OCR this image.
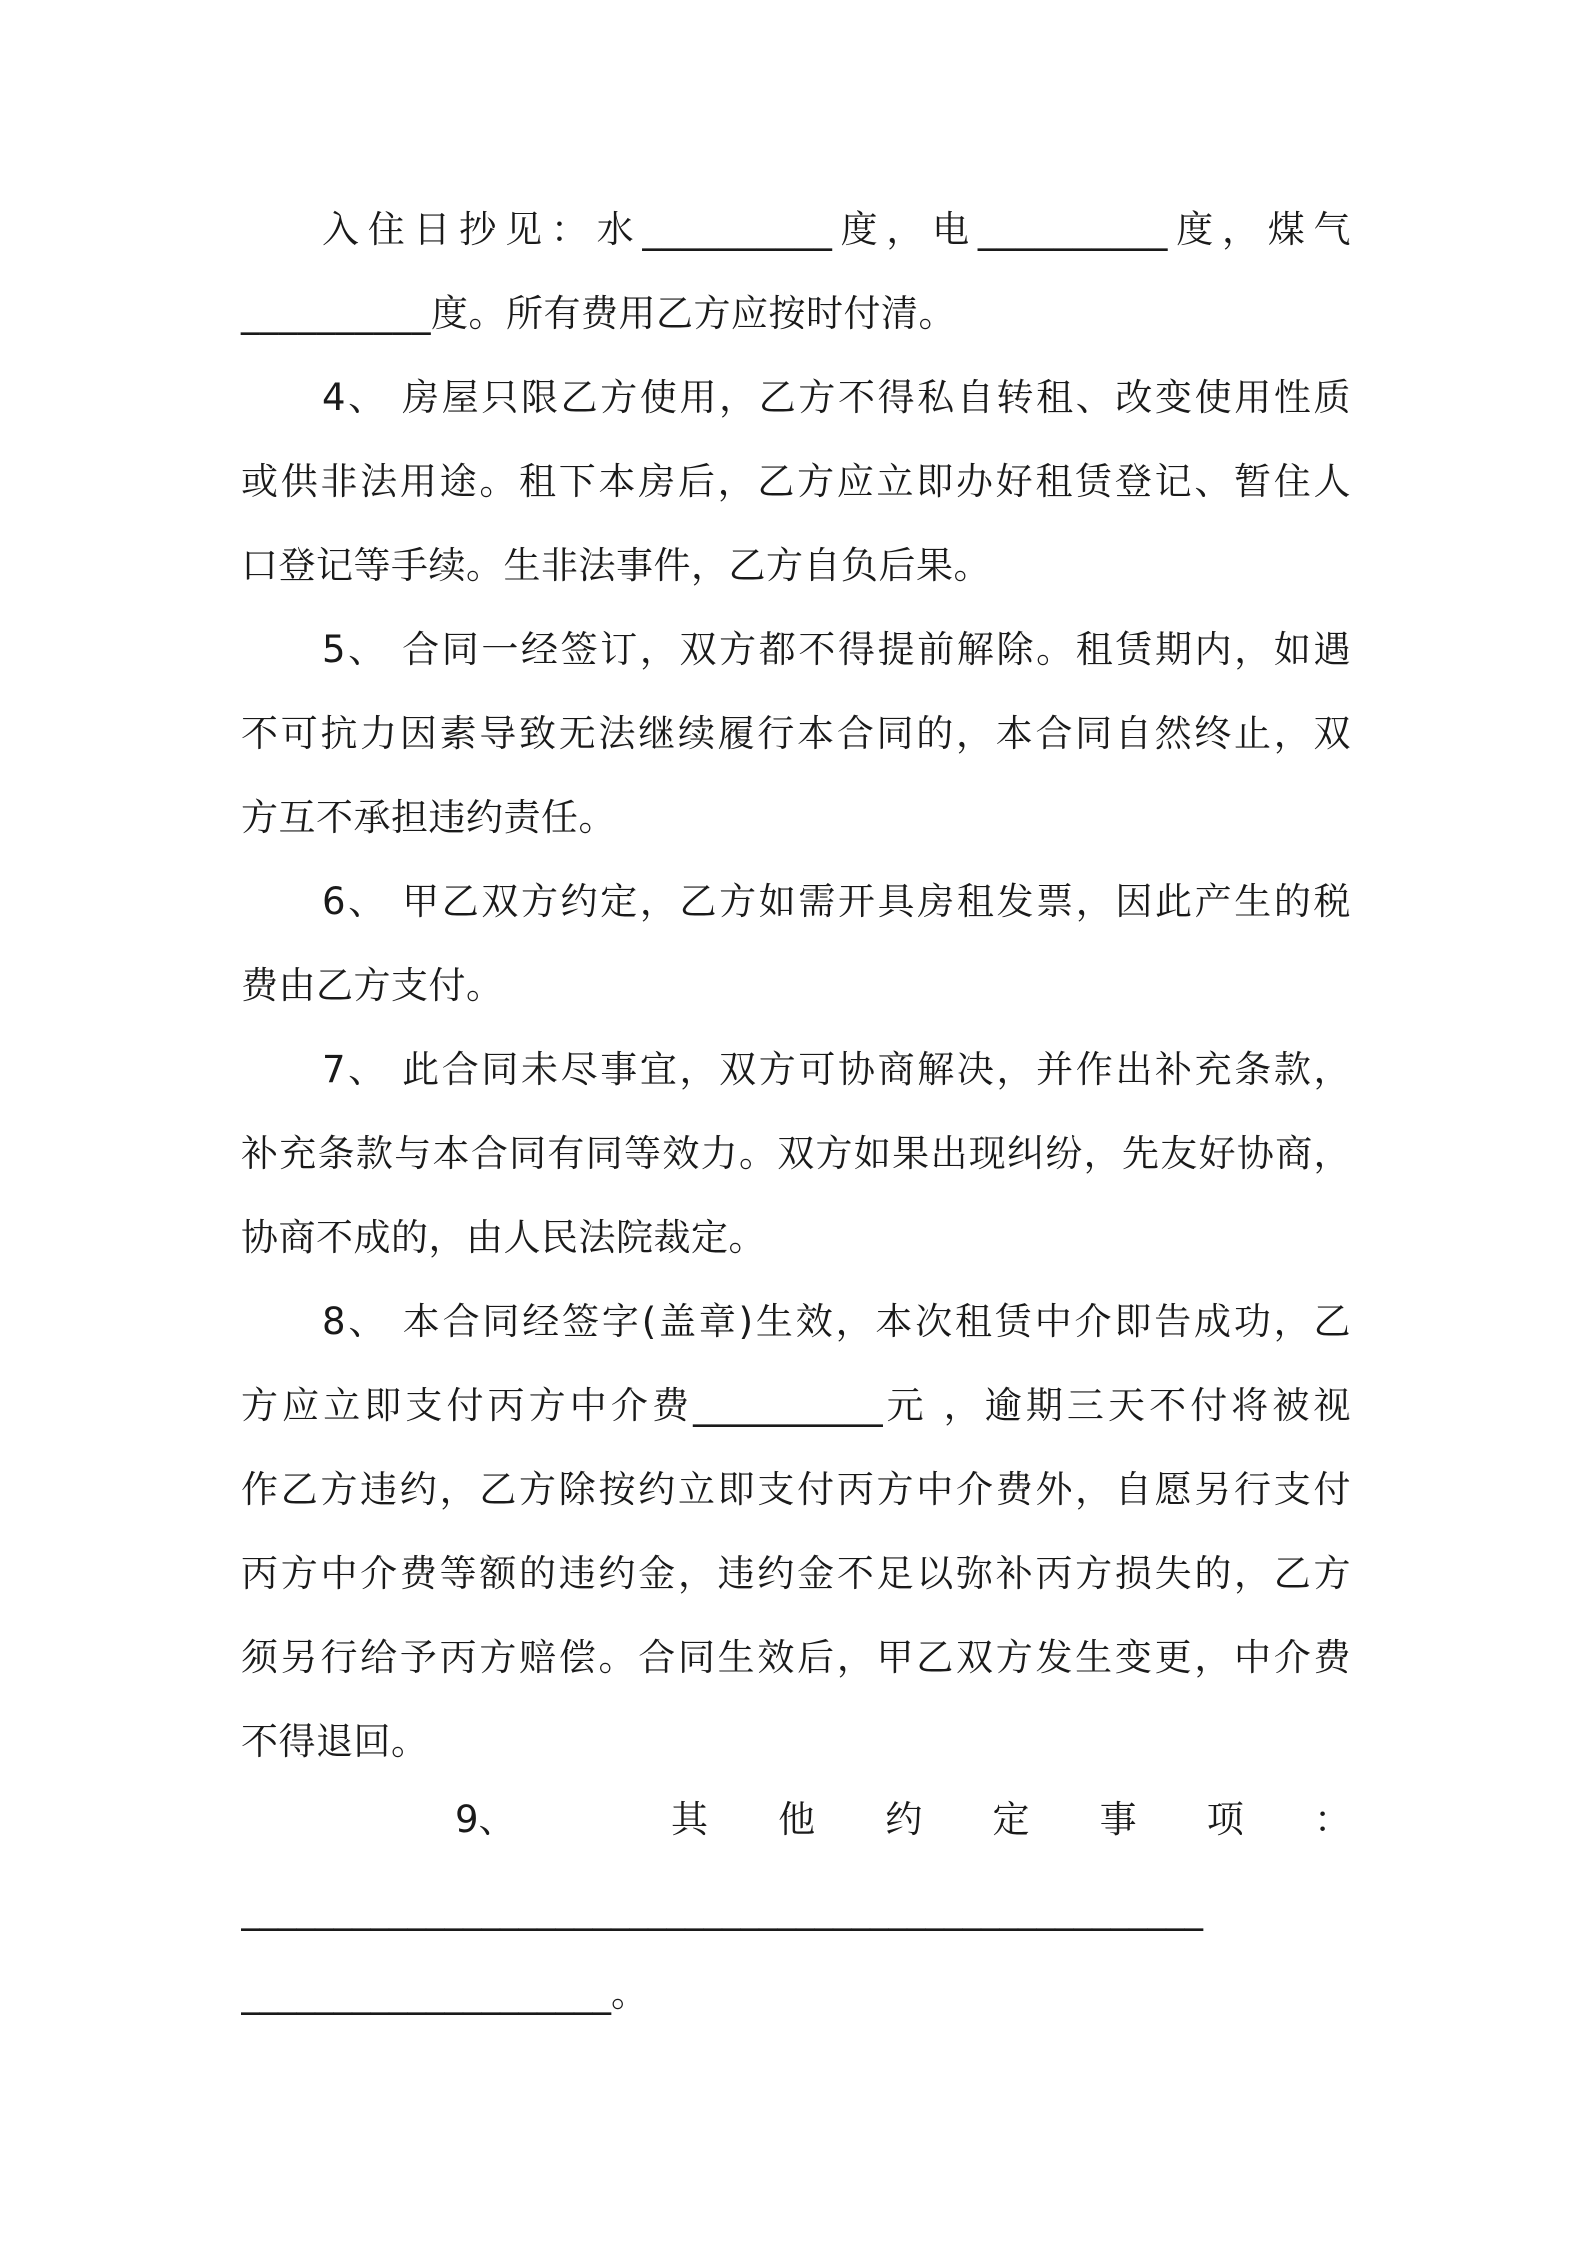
入住日抄见：水__________度，电__________度，煤气
__________度。所有费用乙方应按时付清。
4、 房屋只限乙方使用，乙方不得私自转租、改变使用性质
或供非法用途。租下本房后，乙方应立即办好租赁登记、暂住人
口登记等手续。生非法事件，乙方自负后果。
5、 合同一经签订，双方都不得提前解除。租赁期内，如遇
不可抗力因素导致无法继续履行本合同的，本合同自然终止，双
方互不承担违约责任。
6、 甲乙双方约定，乙方如需开具房租发票，因此产生的税
费由乙方支付。
7、 此合同未尽事宜，双方可协商解决，并作出补充条款，
补充条款与本合同有同等效力。双方如果出现纠纷，先友好协商，
协商不成的，由人民法院裁定。
8、 本合同经签字(盖章)生效，本次租赁中介即告成功，乙
方应立即支付丙方中介费__________元 ，逾期三天不付将被视
作乙方违约，乙方除按约立即支付丙方中介费外，自愿另行支付
丙方中介费等额的违约金，违约金不足以弥补丙方损失的，乙方
须另行给予丙方赔偿。合同生效后，甲乙双方发生变更，中介费
不得退回。
9、	其 他 约 定 事 项 ：
____________________________________________________
____________________。
